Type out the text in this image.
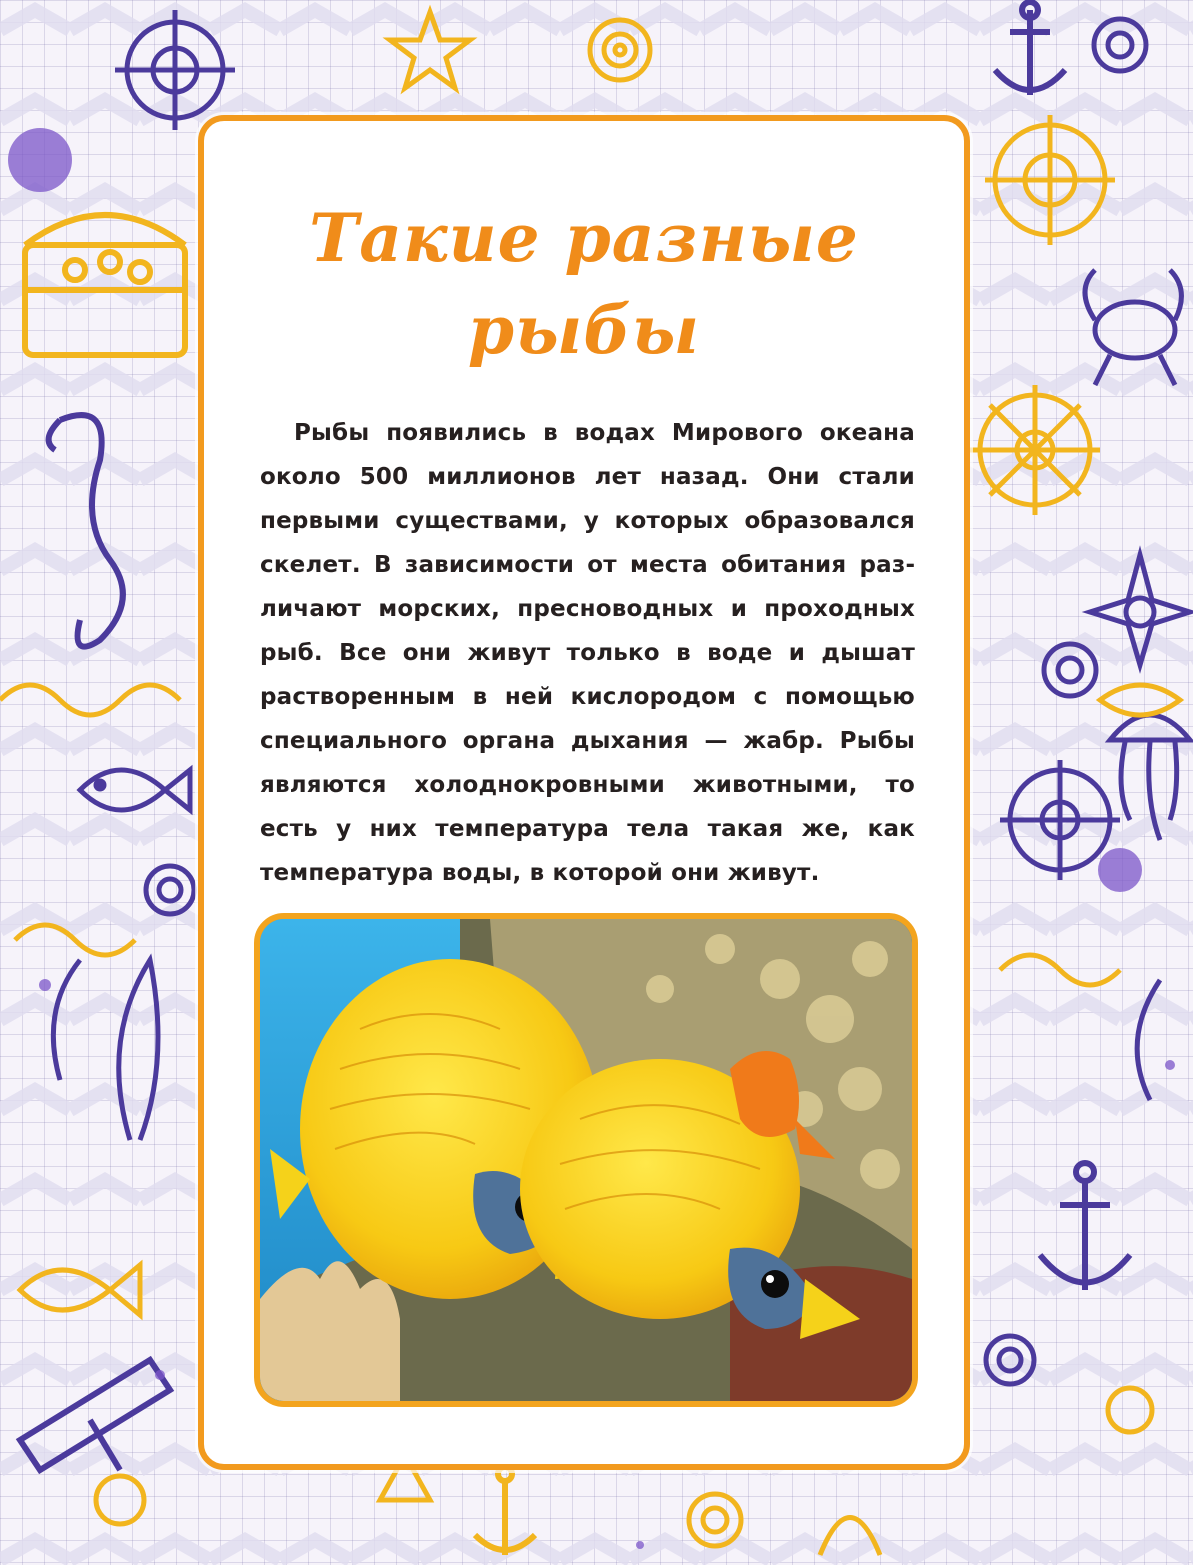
Такие разные
рыбы

Рыбы появились в водах Мирового океана около 500 миллионов лет назад. Они стали первыми существами, у которых образовался скелет. В зависимости от места обитания различают морских, пресноводных и проходных рыб. Все они живут только в воде и дышат растворенным в ней кислородом с помощью специального органа дыхания — жабр. Рыбы являются холоднокровными животными, то есть у них температура тела такая же, как температура воды, в которой они живут.
